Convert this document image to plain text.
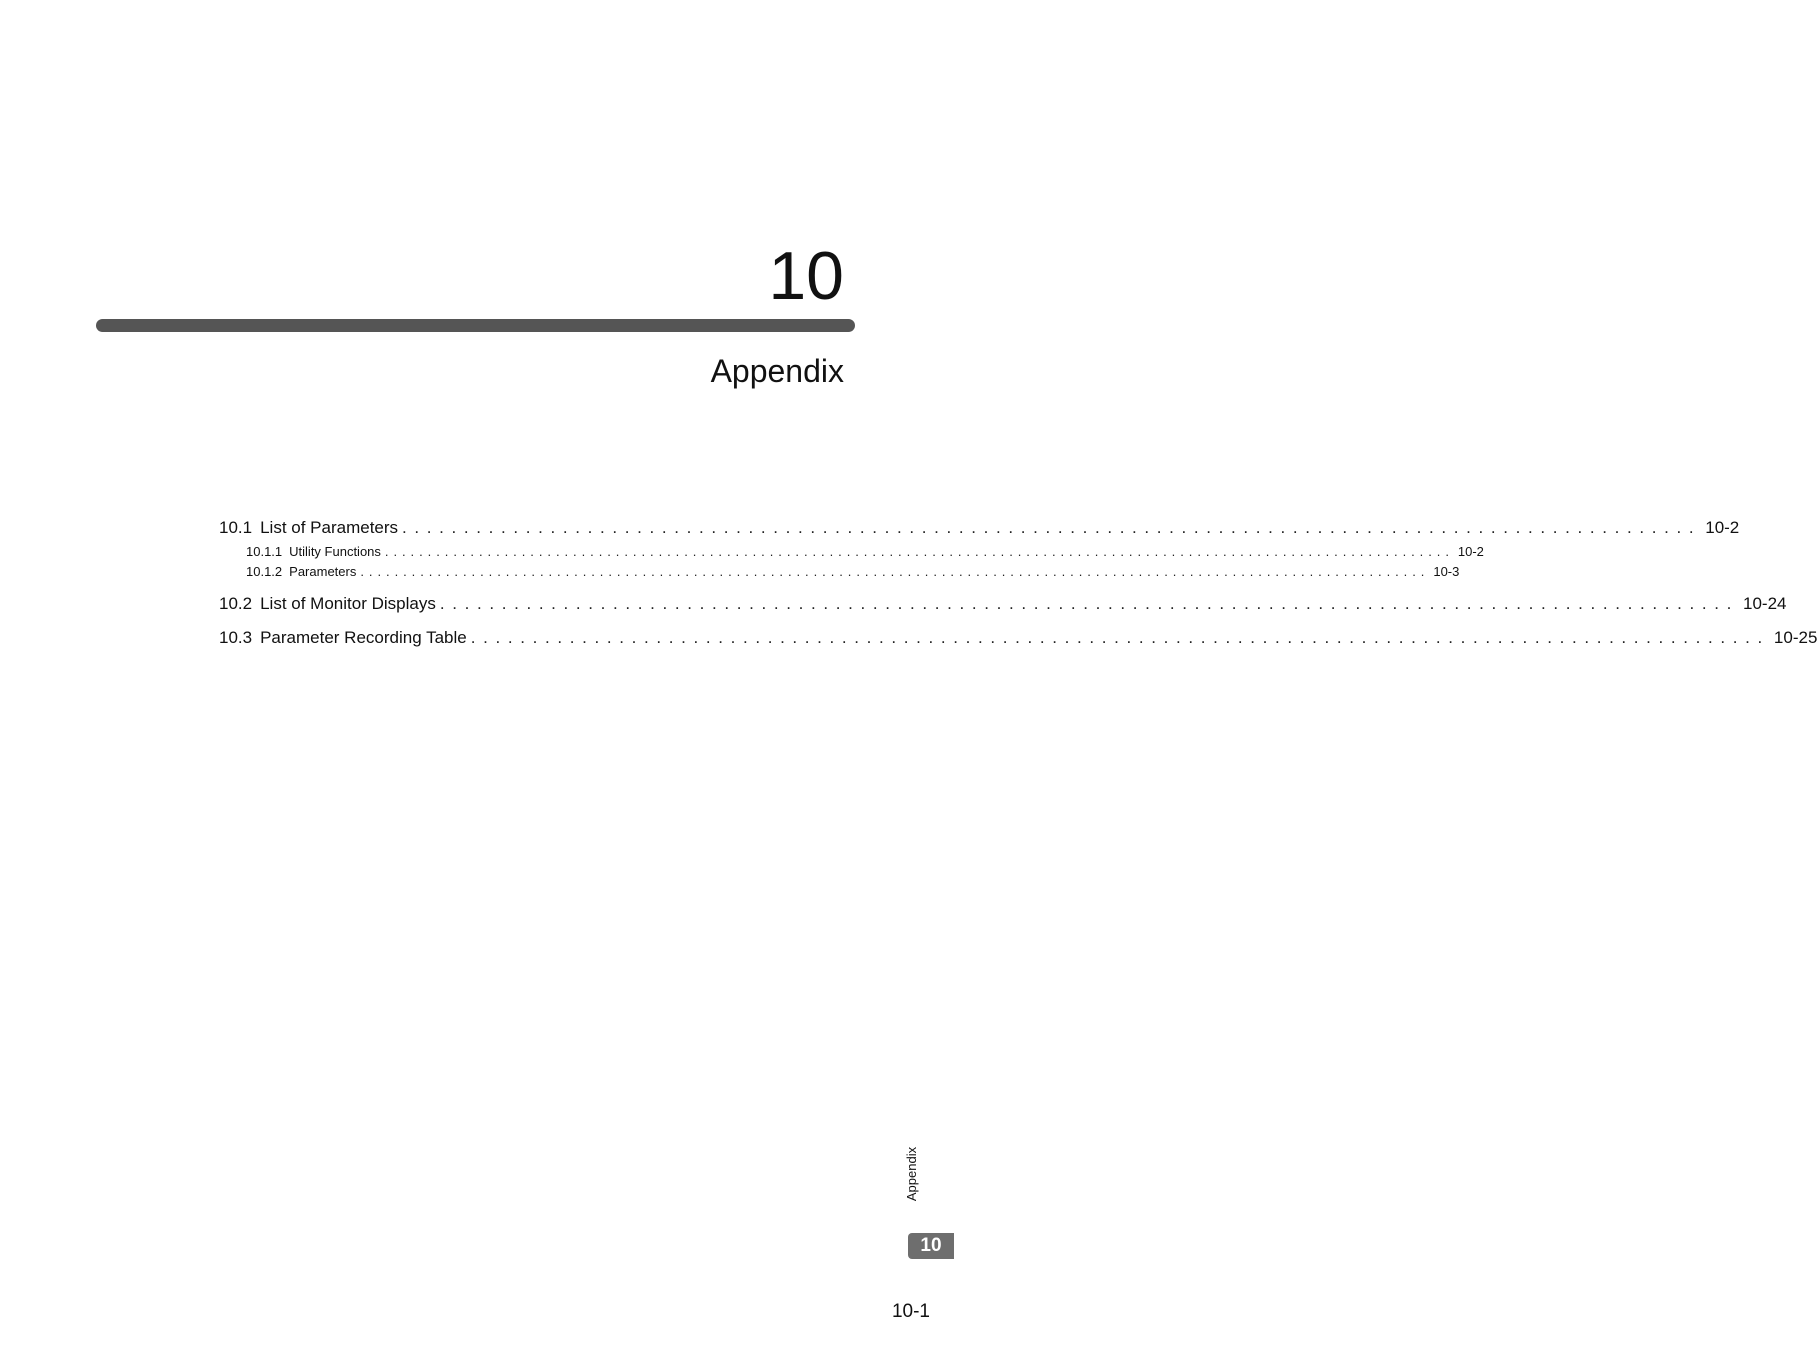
10
Appendix
10.1 List of Parameters ......................................................................................................... 10-2
10.1.1 Utility Functions ............................................................................................................................. 10-2
10.1.2 Parameters ............................................................................................................................. 10-3
10.2 List of Monitor Displays ......................................................................................................... 10-24
10.3 Parameter Recording Table ......................................................................................................... 10-25
Appendix
10
10-1
